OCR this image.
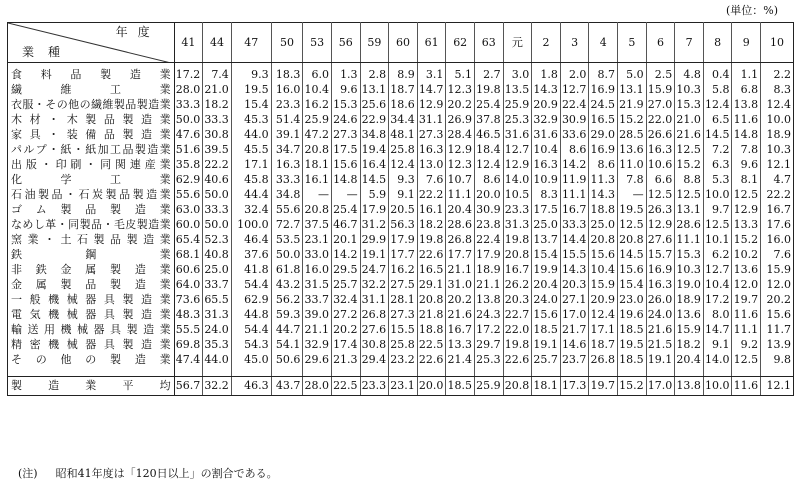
(単位：%)
年度
業種	41	44	47	50	53	56	59	60	61	62	63	元	2	3	4	5	6	7	8	9	10
食料品製造業	17.2	7.4	9.3	18.3	6.0	1.3	2.8	8.9	3.1	5.1	2.7	3.0	1.8	2.0	8.7	5.0	2.5	4.8	0.4	1.1	2.2
繊維工業	28.0	21.0	19.5	16.0	10.4	9.6	13.1	18.7	14.7	12.3	19.8	13.5	14.3	12.7	16.9	13.1	15.9	10.3	5.8	6.8	8.3
衣服・その他の繊維製品製造業	33.3	18.2	15.4	23.3	16.2	15.3	25.6	18.6	12.9	20.2	25.4	25.9	20.9	22.4	24.5	21.9	27.0	15.3	12.4	13.8	12.4
木材・木製品製造業	50.0	33.3	45.3	51.4	25.9	24.6	22.9	34.4	31.1	26.9	37.8	25.3	32.9	30.9	16.5	15.2	22.0	21.0	6.5	11.6	10.0
家具・装備品製造業	47.6	30.8	44.0	39.1	47.2	27.3	34.8	48.1	27.3	28.4	46.5	31.6	31.6	33.6	29.0	28.5	26.6	21.6	14.5	14.8	18.9
パルプ・紙・紙加工品製造業	51.6	39.5	45.5	34.7	20.8	17.5	19.4	25.8	16.3	12.9	18.4	12.7	10.4	8.6	16.9	13.6	16.3	12.5	7.2	7.8	10.3
出版・印刷・同関連産業	35.8	22.2	17.1	16.3	18.1	15.6	16.4	12.4	13.0	12.3	12.4	12.9	16.3	14.2	8.6	11.0	10.6	15.2	6.3	9.6	12.1
化学工業	62.9	40.6	45.8	33.3	16.1	14.8	14.5	9.3	7.6	10.7	8.6	14.0	10.9	11.9	11.3	7.8	6.6	8.8	5.3	8.1	4.7
石油製品・石炭製品製造業	55.6	50.0	44.4	34.8	—	—	5.9	9.1	22.2	11.1	20.0	10.5	8.3	11.1	14.3	—	12.5	12.5	10.0	12.5	22.2
ゴム製品製造業	63.0	33.3	32.4	55.6	20.8	25.4	17.9	20.5	16.1	20.4	30.9	23.3	17.5	16.7	18.8	19.5	26.3	13.1	9.7	12.9	16.7
なめし革・同製品・毛皮製造業	60.0	50.0	100.0	72.7	37.5	46.7	31.2	56.3	18.2	28.6	23.8	31.3	25.0	33.3	25.0	12.5	12.9	28.6	12.5	13.3	17.6
窯業・土石製品製造業	65.4	52.3	46.4	53.5	23.1	20.1	29.9	17.9	19.8	26.8	22.4	19.8	13.7	14.4	20.8	20.8	27.6	11.1	10.1	15.2	16.0
鉄鋼業	68.1	40.8	37.6	50.0	33.0	14.2	19.1	17.7	22.6	17.7	17.9	20.8	15.4	15.5	15.6	14.5	15.7	15.3	6.2	10.2	7.6
非鉄金属製造業	60.6	25.0	41.8	61.8	16.0	29.5	24.7	16.2	16.5	21.1	18.9	16.7	19.9	14.3	10.4	15.6	16.9	10.3	12.7	13.6	15.9
金属製品製造業	64.0	33.7	54.4	43.2	31.5	25.7	32.2	27.5	29.1	31.0	21.1	26.2	20.4	20.3	15.9	15.4	16.3	19.0	10.4	12.0	12.0
一般機械器具製造業	73.6	65.5	62.9	56.2	33.7	32.4	31.1	28.1	20.8	20.2	13.8	20.3	24.0	27.1	20.9	23.0	26.0	18.9	17.2	19.7	20.2
電気機械器具製造業	48.3	31.3	44.8	59.3	39.0	27.2	26.8	27.3	21.8	21.6	24.3	22.7	15.6	17.0	12.4	19.6	24.0	13.6	8.0	11.6	15.6
輸送用機械器具製造業	55.5	24.0	54.4	44.7	21.1	20.2	27.6	15.5	18.8	16.7	17.2	22.0	18.5	21.7	17.1	18.5	21.6	15.9	14.7	11.1	11.7
精密機械器具製造業	69.8	35.3	54.3	54.1	32.9	17.4	30.8	25.8	22.5	13.3	29.7	19.8	19.1	14.6	18.7	19.5	21.5	18.2	9.1	9.2	13.9
その他の製造業	47.4	44.0	45.0	50.6	29.6	21.3	29.4	23.2	22.6	21.4	25.3	22.6	25.7	23.7	26.8	18.5	19.1	20.4	14.0	12.5	9.8

製造業平均	56.7	32.2	46.3	43.7	28.0	22.5	23.3	23.1	20.0	18.5	25.9	20.8	18.1	17.3	19.7	15.2	17.0	13.8	10.0	11.6	12.1
(注) 昭和41年度は「120日以上」の割合である。
